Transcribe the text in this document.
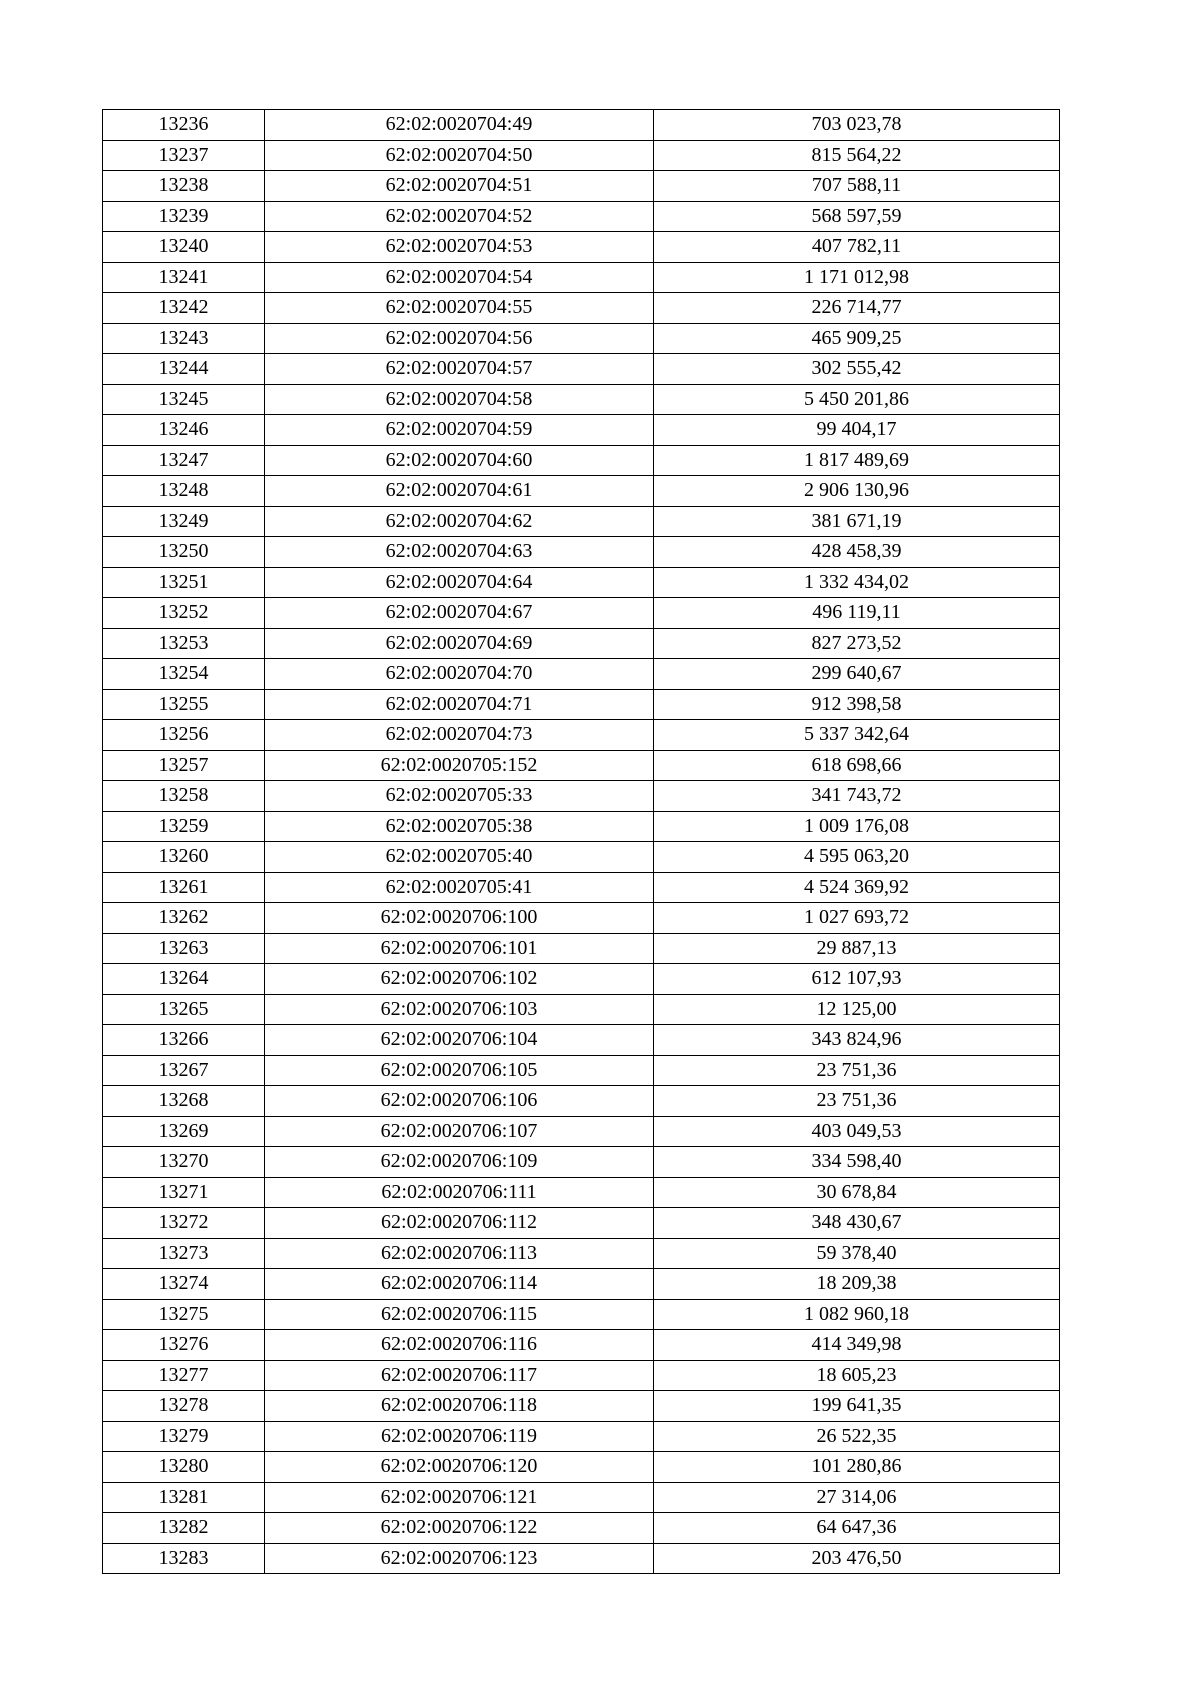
13236	62:02:0020704:49	703 023,78
13237	62:02:0020704:50	815 564,22
13238	62:02:0020704:51	707 588,11
13239	62:02:0020704:52	568 597,59
13240	62:02:0020704:53	407 782,11
13241	62:02:0020704:54	1 171 012,98
13242	62:02:0020704:55	226 714,77
13243	62:02:0020704:56	465 909,25
13244	62:02:0020704:57	302 555,42
13245	62:02:0020704:58	5 450 201,86
13246	62:02:0020704:59	99 404,17
13247	62:02:0020704:60	1 817 489,69
13248	62:02:0020704:61	2 906 130,96
13249	62:02:0020704:62	381 671,19
13250	62:02:0020704:63	428 458,39
13251	62:02:0020704:64	1 332 434,02
13252	62:02:0020704:67	496 119,11
13253	62:02:0020704:69	827 273,52
13254	62:02:0020704:70	299 640,67
13255	62:02:0020704:71	912 398,58
13256	62:02:0020704:73	5 337 342,64
13257	62:02:0020705:152	618 698,66
13258	62:02:0020705:33	341 743,72
13259	62:02:0020705:38	1 009 176,08
13260	62:02:0020705:40	4 595 063,20
13261	62:02:0020705:41	4 524 369,92
13262	62:02:0020706:100	1 027 693,72
13263	62:02:0020706:101	29 887,13
13264	62:02:0020706:102	612 107,93
13265	62:02:0020706:103	12 125,00
13266	62:02:0020706:104	343 824,96
13267	62:02:0020706:105	23 751,36
13268	62:02:0020706:106	23 751,36
13269	62:02:0020706:107	403 049,53
13270	62:02:0020706:109	334 598,40
13271	62:02:0020706:111	30 678,84
13272	62:02:0020706:112	348 430,67
13273	62:02:0020706:113	59 378,40
13274	62:02:0020706:114	18 209,38
13275	62:02:0020706:115	1 082 960,18
13276	62:02:0020706:116	414 349,98
13277	62:02:0020706:117	18 605,23
13278	62:02:0020706:118	199 641,35
13279	62:02:0020706:119	26 522,35
13280	62:02:0020706:120	101 280,86
13281	62:02:0020706:121	27 314,06
13282	62:02:0020706:122	64 647,36
13283	62:02:0020706:123	203 476,50
